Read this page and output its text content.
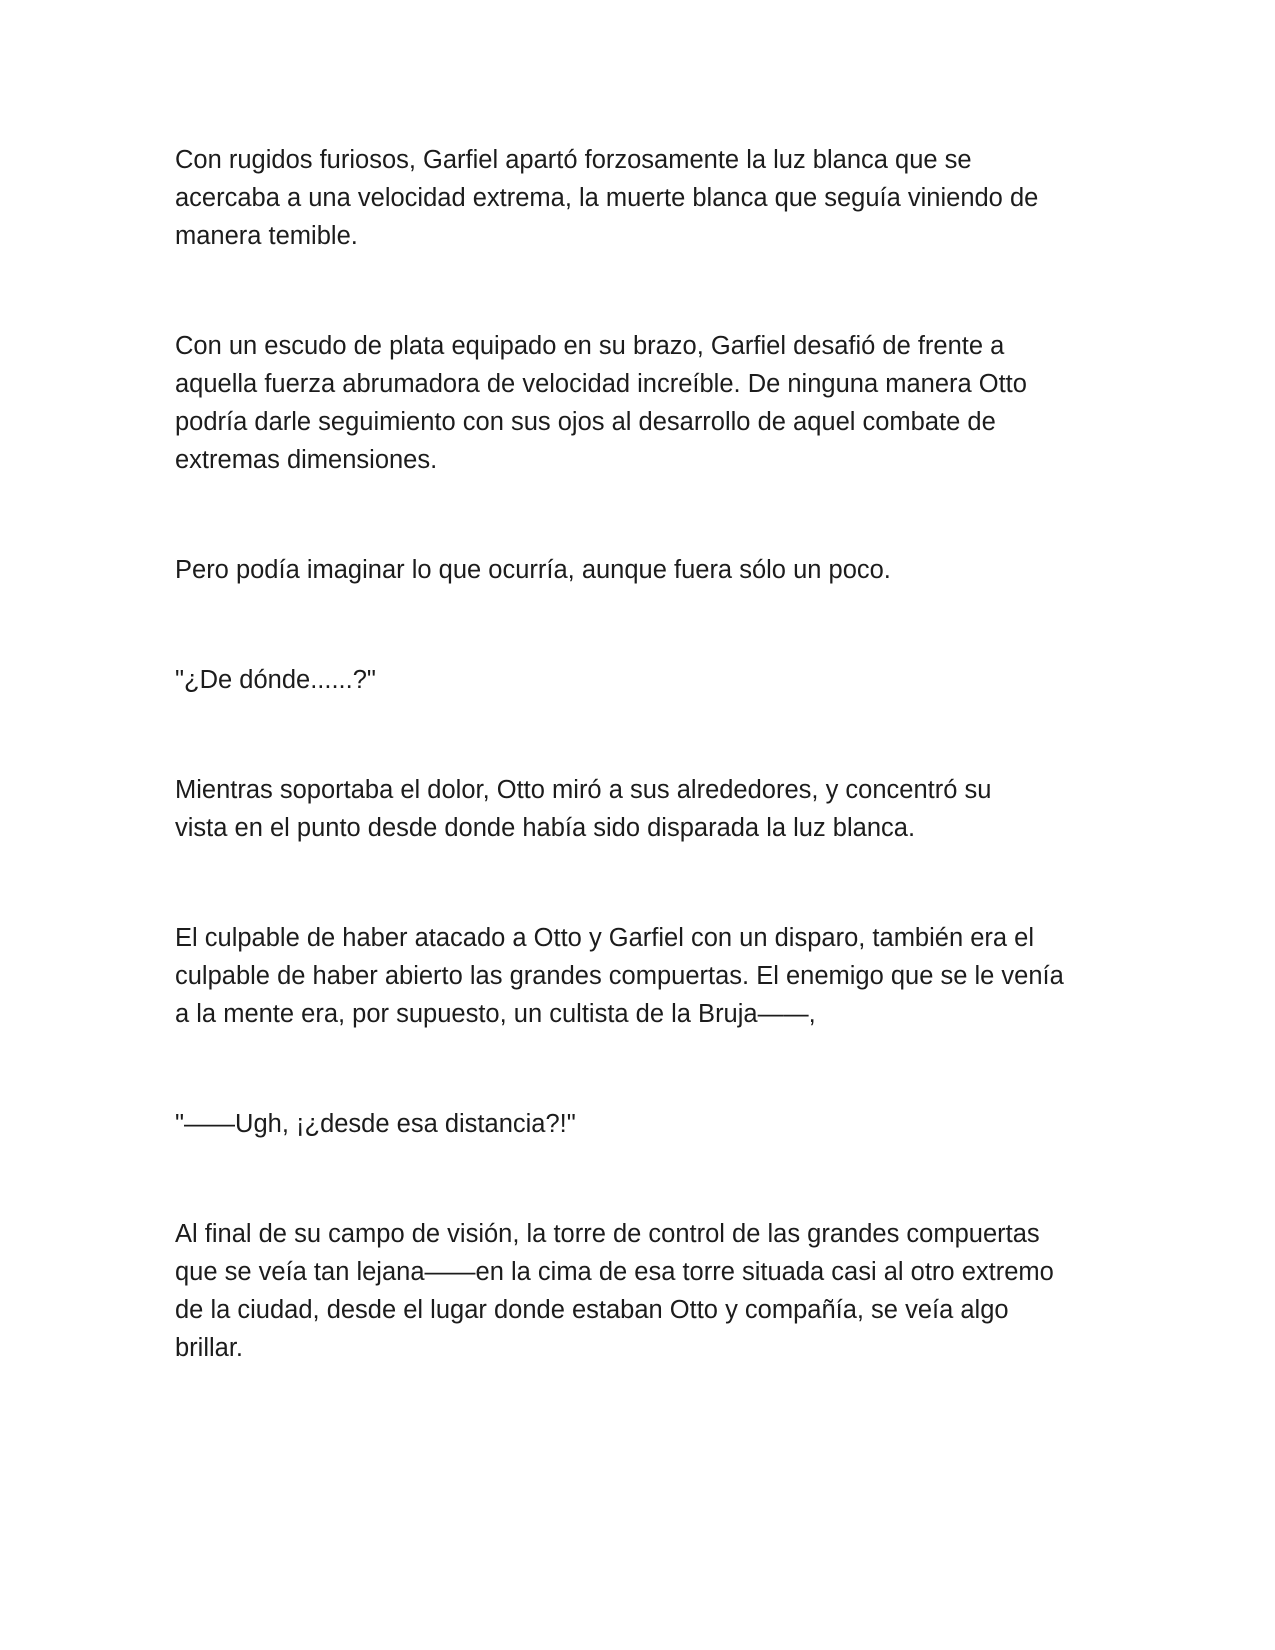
Con rugidos furiosos, Garfiel apartó forzosamente la luz blanca que se
acercaba a una velocidad extrema, la muerte blanca que seguía viniendo de
manera temible.

Con un escudo de plata equipado en su brazo, Garfiel desafió de frente a
aquella fuerza abrumadora de velocidad increíble. De ninguna manera Otto
podría darle seguimiento con sus ojos al desarrollo de aquel combate de
extremas dimensiones.

Pero podía imaginar lo que ocurría, aunque fuera sólo un poco.

"¿De dónde......?"

Mientras soportaba el dolor, Otto miró a sus alrededores, y concentró su
vista en el punto desde donde había sido disparada la luz blanca.

El culpable de haber atacado a Otto y Garfiel con un disparo, también era el
culpable de haber abierto las grandes compuertas. El enemigo que se le venía
a la mente era, por supuesto, un cultista de la Bruja——,

"——Ugh, ¡¿desde esa distancia?!"

Al final de su campo de visión, la torre de control de las grandes compuertas
que se veía tan lejana——en la cima de esa torre situada casi al otro extremo
de la ciudad, desde el lugar donde estaban Otto y compañía, se veía algo
brillar.
